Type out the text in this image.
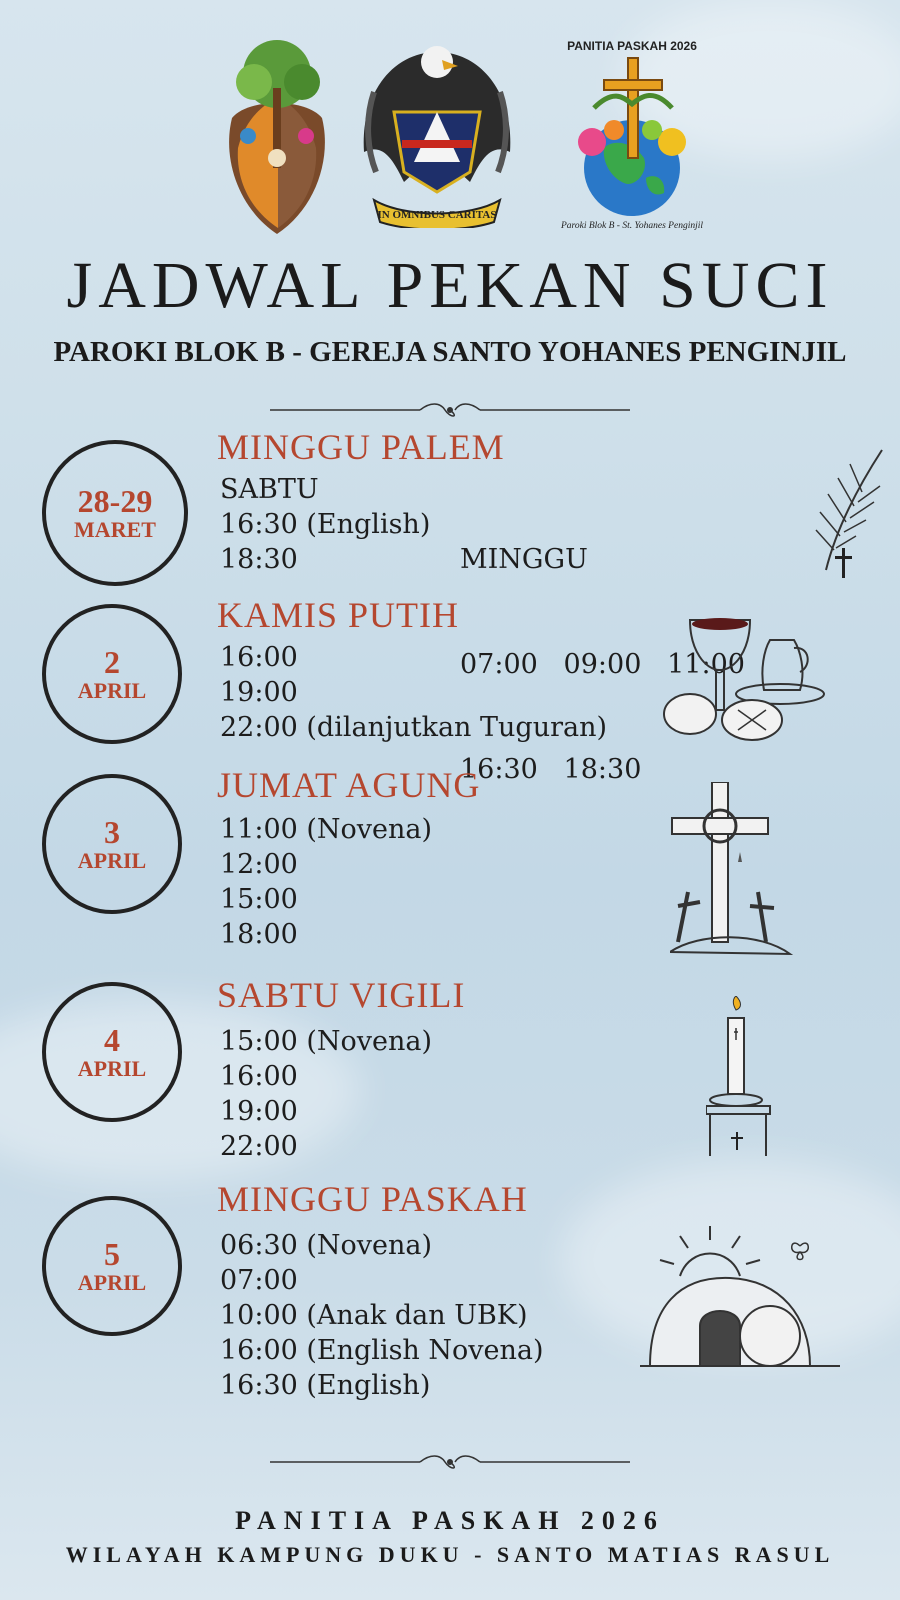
IN OMNIBUS CARITAS
PANITIA PASKAH 2026
Paroki Blok B - St. Yohanes Penginjil
JADWAL PEKAN SUCI
PAROKI BLOK B - GEREJA SANTO YOHANES PENGINJIL
28-29
MARET
MINGGU PALEM
SABTU
16:30 (English)
18:30

	MINGGU

07:00   09:00   11:00

16:30   18:30

2
APRIL
KAMIS PUTIH
16:00
19:00
22:00 (dilanjutkan Tuguran)
3
APRIL
JUMAT AGUNG
11:00 (Novena)
12:00
15:00
18:00
4
APRIL
SABTU VIGILI
15:00 (Novena)
16:00
19:00
22:00
5
APRIL
MINGGU PASKAH
06:30 (Novena)
07:00
10:00 (Anak dan UBK)
16:00 (English Novena)
16:30 (English)
PANITIA PASKAH 2026
WILAYAH KAMPUNG DUKU - SANTO MATIAS RASUL
